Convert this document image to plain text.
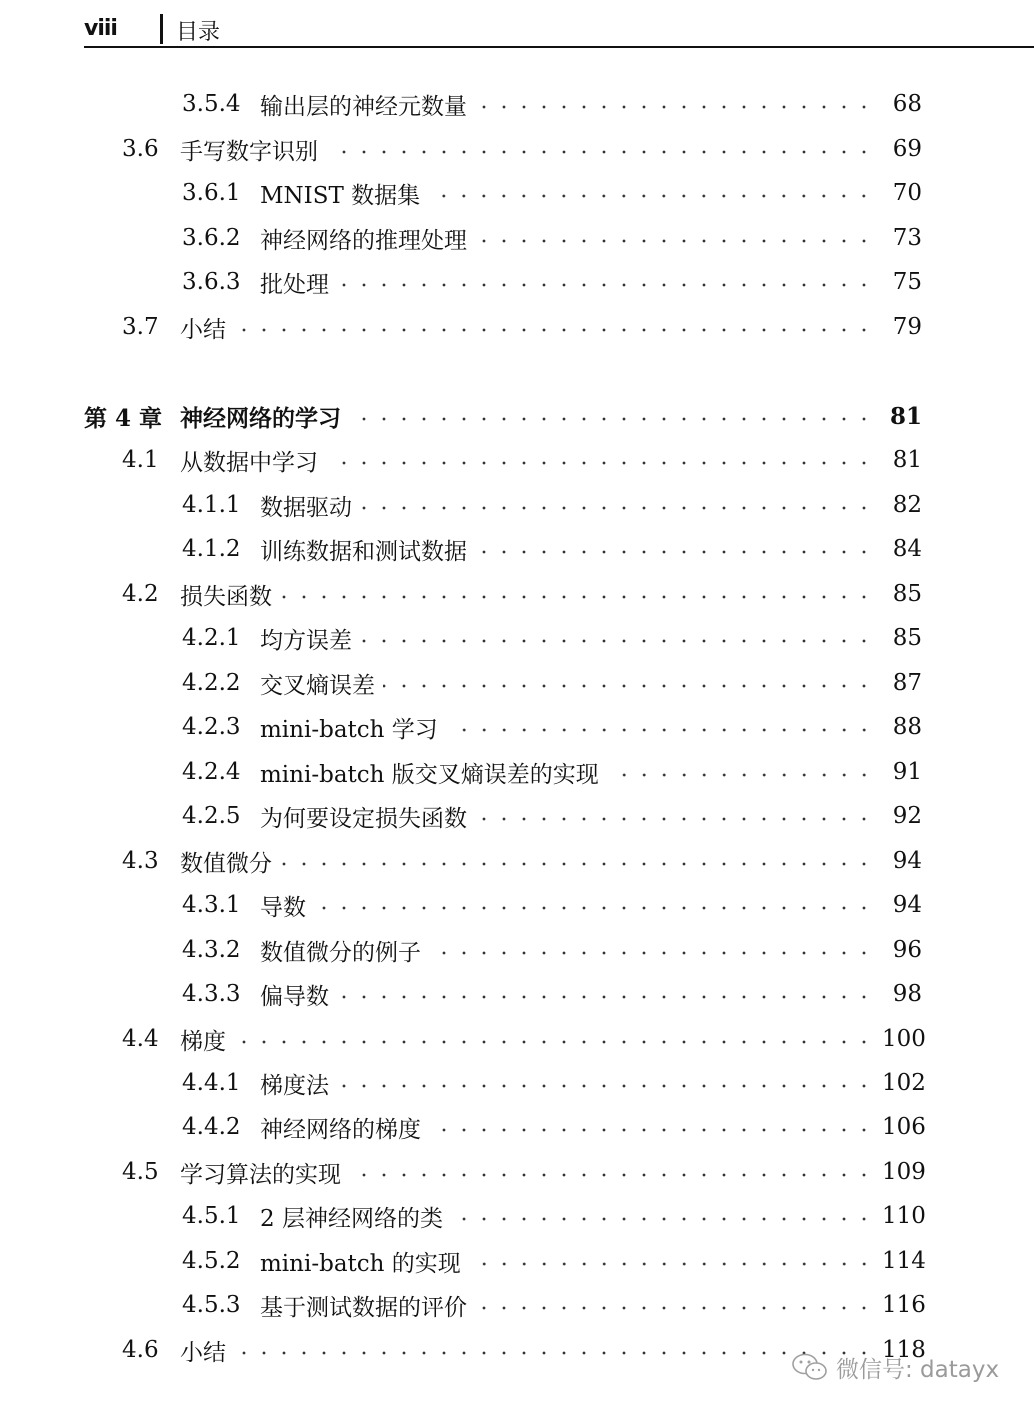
viii	目录
3.5.4 输出层的神经元数量	68
3.6 手写数字识别	69
3.6.1 MNIST 数据集	70
3.6.2 神经网络的推理处理	73
3.6.3 批处理	75
3.7 小结	79
第 4 章 神经网络的学习	81
4.1 从数据中学习	81
4.1.1 数据驱动	82
4.1.2 训练数据和测试数据	84
4.2 损失函数	85
4.2.1 均方误差	85
4.2.2 交叉熵误差	87
4.2.3 mini-batch 学习	88
4.2.4 mini-batch 版交叉熵误差的实现	91
4.2.5 为何要设定损失函数	92
4.3 数值微分	94
4.3.1 导数	94
4.3.2 数值微分的例子	96
4.3.3 偏导数	98
4.4 梯度	100
4.4.1 梯度法	102
4.4.2 神经网络的梯度	106
4.5 学习算法的实现	109
4.5.1 2 层神经网络的类	110
4.5.2 mini-batch 的实现	114
4.5.3 基于测试数据的评价	116
4.6 小结	118
微信号: datayx
